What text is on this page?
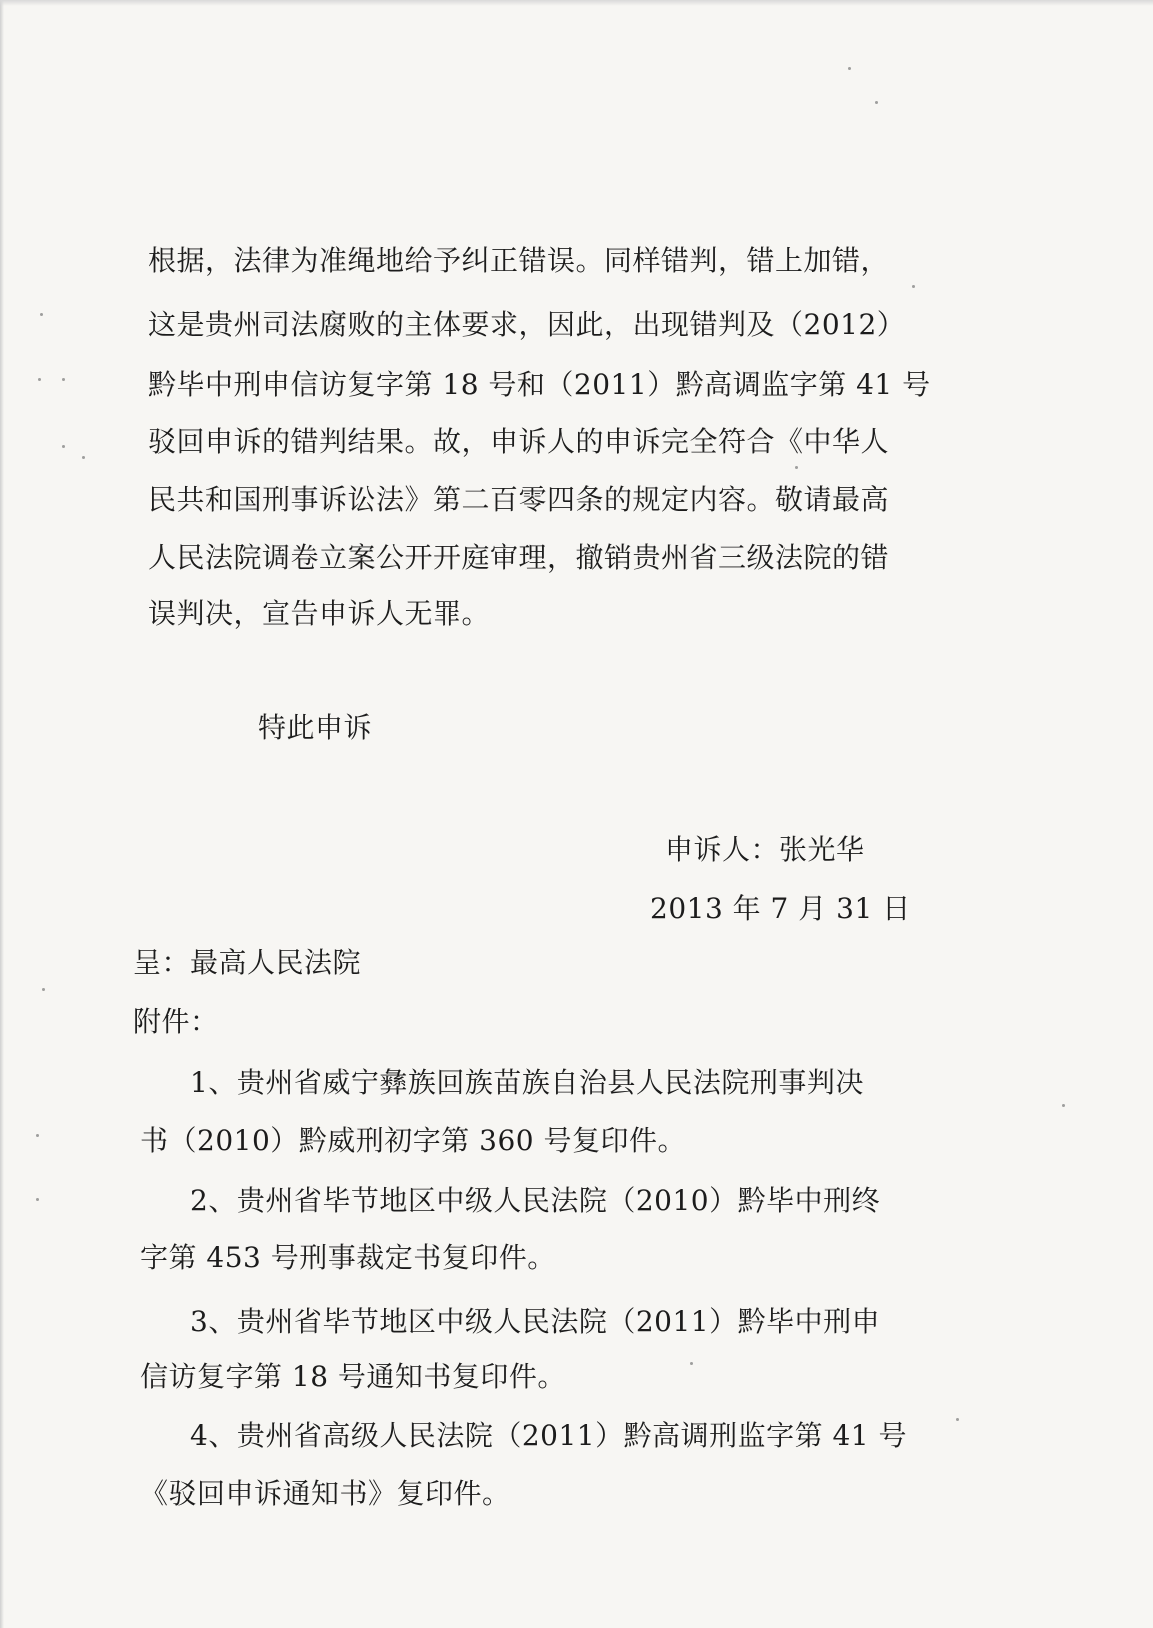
根据，法律为准绳地给予纠正错误。同样错判，错上加错，
这是贵州司法腐败的主体要求，因此，出现错判及（2012）
黔毕中刑申信访复字第 18 号和（2011）黔高调监字第 41 号
驳回申诉的错判结果。故，申诉人的申诉完全符合《中华人
民共和国刑事诉讼法》第二百零四条的规定内容。敬请最高
人民法院调卷立案公开开庭审理，撤销贵州省三级法院的错
误判决，宣告申诉人无罪。
特此申诉
申诉人：张光华
2013 年 7 月 31 日
呈：最高人民法院
附件：
1、贵州省威宁彝族回族苗族自治县人民法院刑事判决
书（2010）黔威刑初字第 360 号复印件。
2、贵州省毕节地区中级人民法院（2010）黔毕中刑终
字第 453 号刑事裁定书复印件。
3、贵州省毕节地区中级人民法院（2011）黔毕中刑申
信访复字第 18 号通知书复印件。
4、贵州省高级人民法院（2011）黔高调刑监字第 41 号
《驳回申诉通知书》复印件。
